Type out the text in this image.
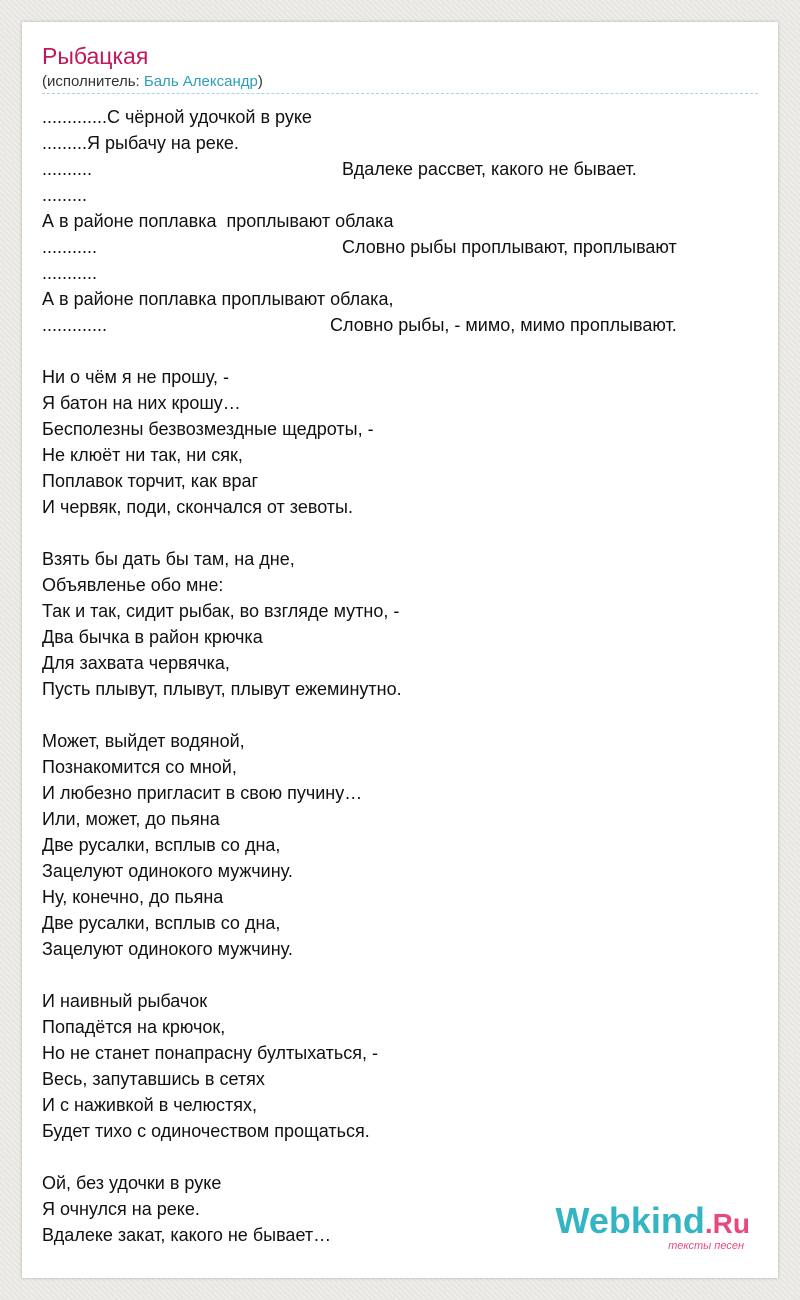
Рыбацкая
(исполнитель: Баль Александр)
.............С чёрной удочкой в руке
.........Я рыбачу на реке.

..........

	Вдалеке рассвет, какого не бывает.

.........
А в районе поплавка  проплывают облака

...........

	Словно рыбы проплывают, проплывают

...........
А в районе поплавка проплывают облака,

.............

	Словно рыбы, - мимо, мимо проплывают.

Ни о чём я не прошу, -
Я батон на них крошу…
Бесполезны безвозмездные щедроты, -
Не клюёт ни так, ни сяк,
Поплавок торчит, как враг
И червяк, поди, скончался от зевоты.
Взять бы дать бы там, на дне,
Объявленье обо мне:
Так и так, сидит рыбак, во взгляде мутно, -
Два бычка в район крючка
Для захвата червячка,
Пусть плывут, плывут, плывут ежеминутно.
Может, выйдет водяной,
Познакомится со мной,
И любезно пригласит в свою пучину…
Или, может, до пьяна
Две русалки, всплыв со дна,
Зацелуют одинокого мужчину.
Ну, конечно, до пьяна
Две русалки, всплыв со дна,
Зацелуют одинокого мужчину.
И наивный рыбачок
Попадётся на крючок,
Но не станет понапрасну бултыхаться, -
Весь, запутавшись в сетях
И с наживкой в челюстях,
Будет тихо с одиночеством прощаться.
Ой, без удочки в руке
Я очнулся на реке.
Вдалеке закат, какого не бывает…	Webkind.Ru
тексты песен
